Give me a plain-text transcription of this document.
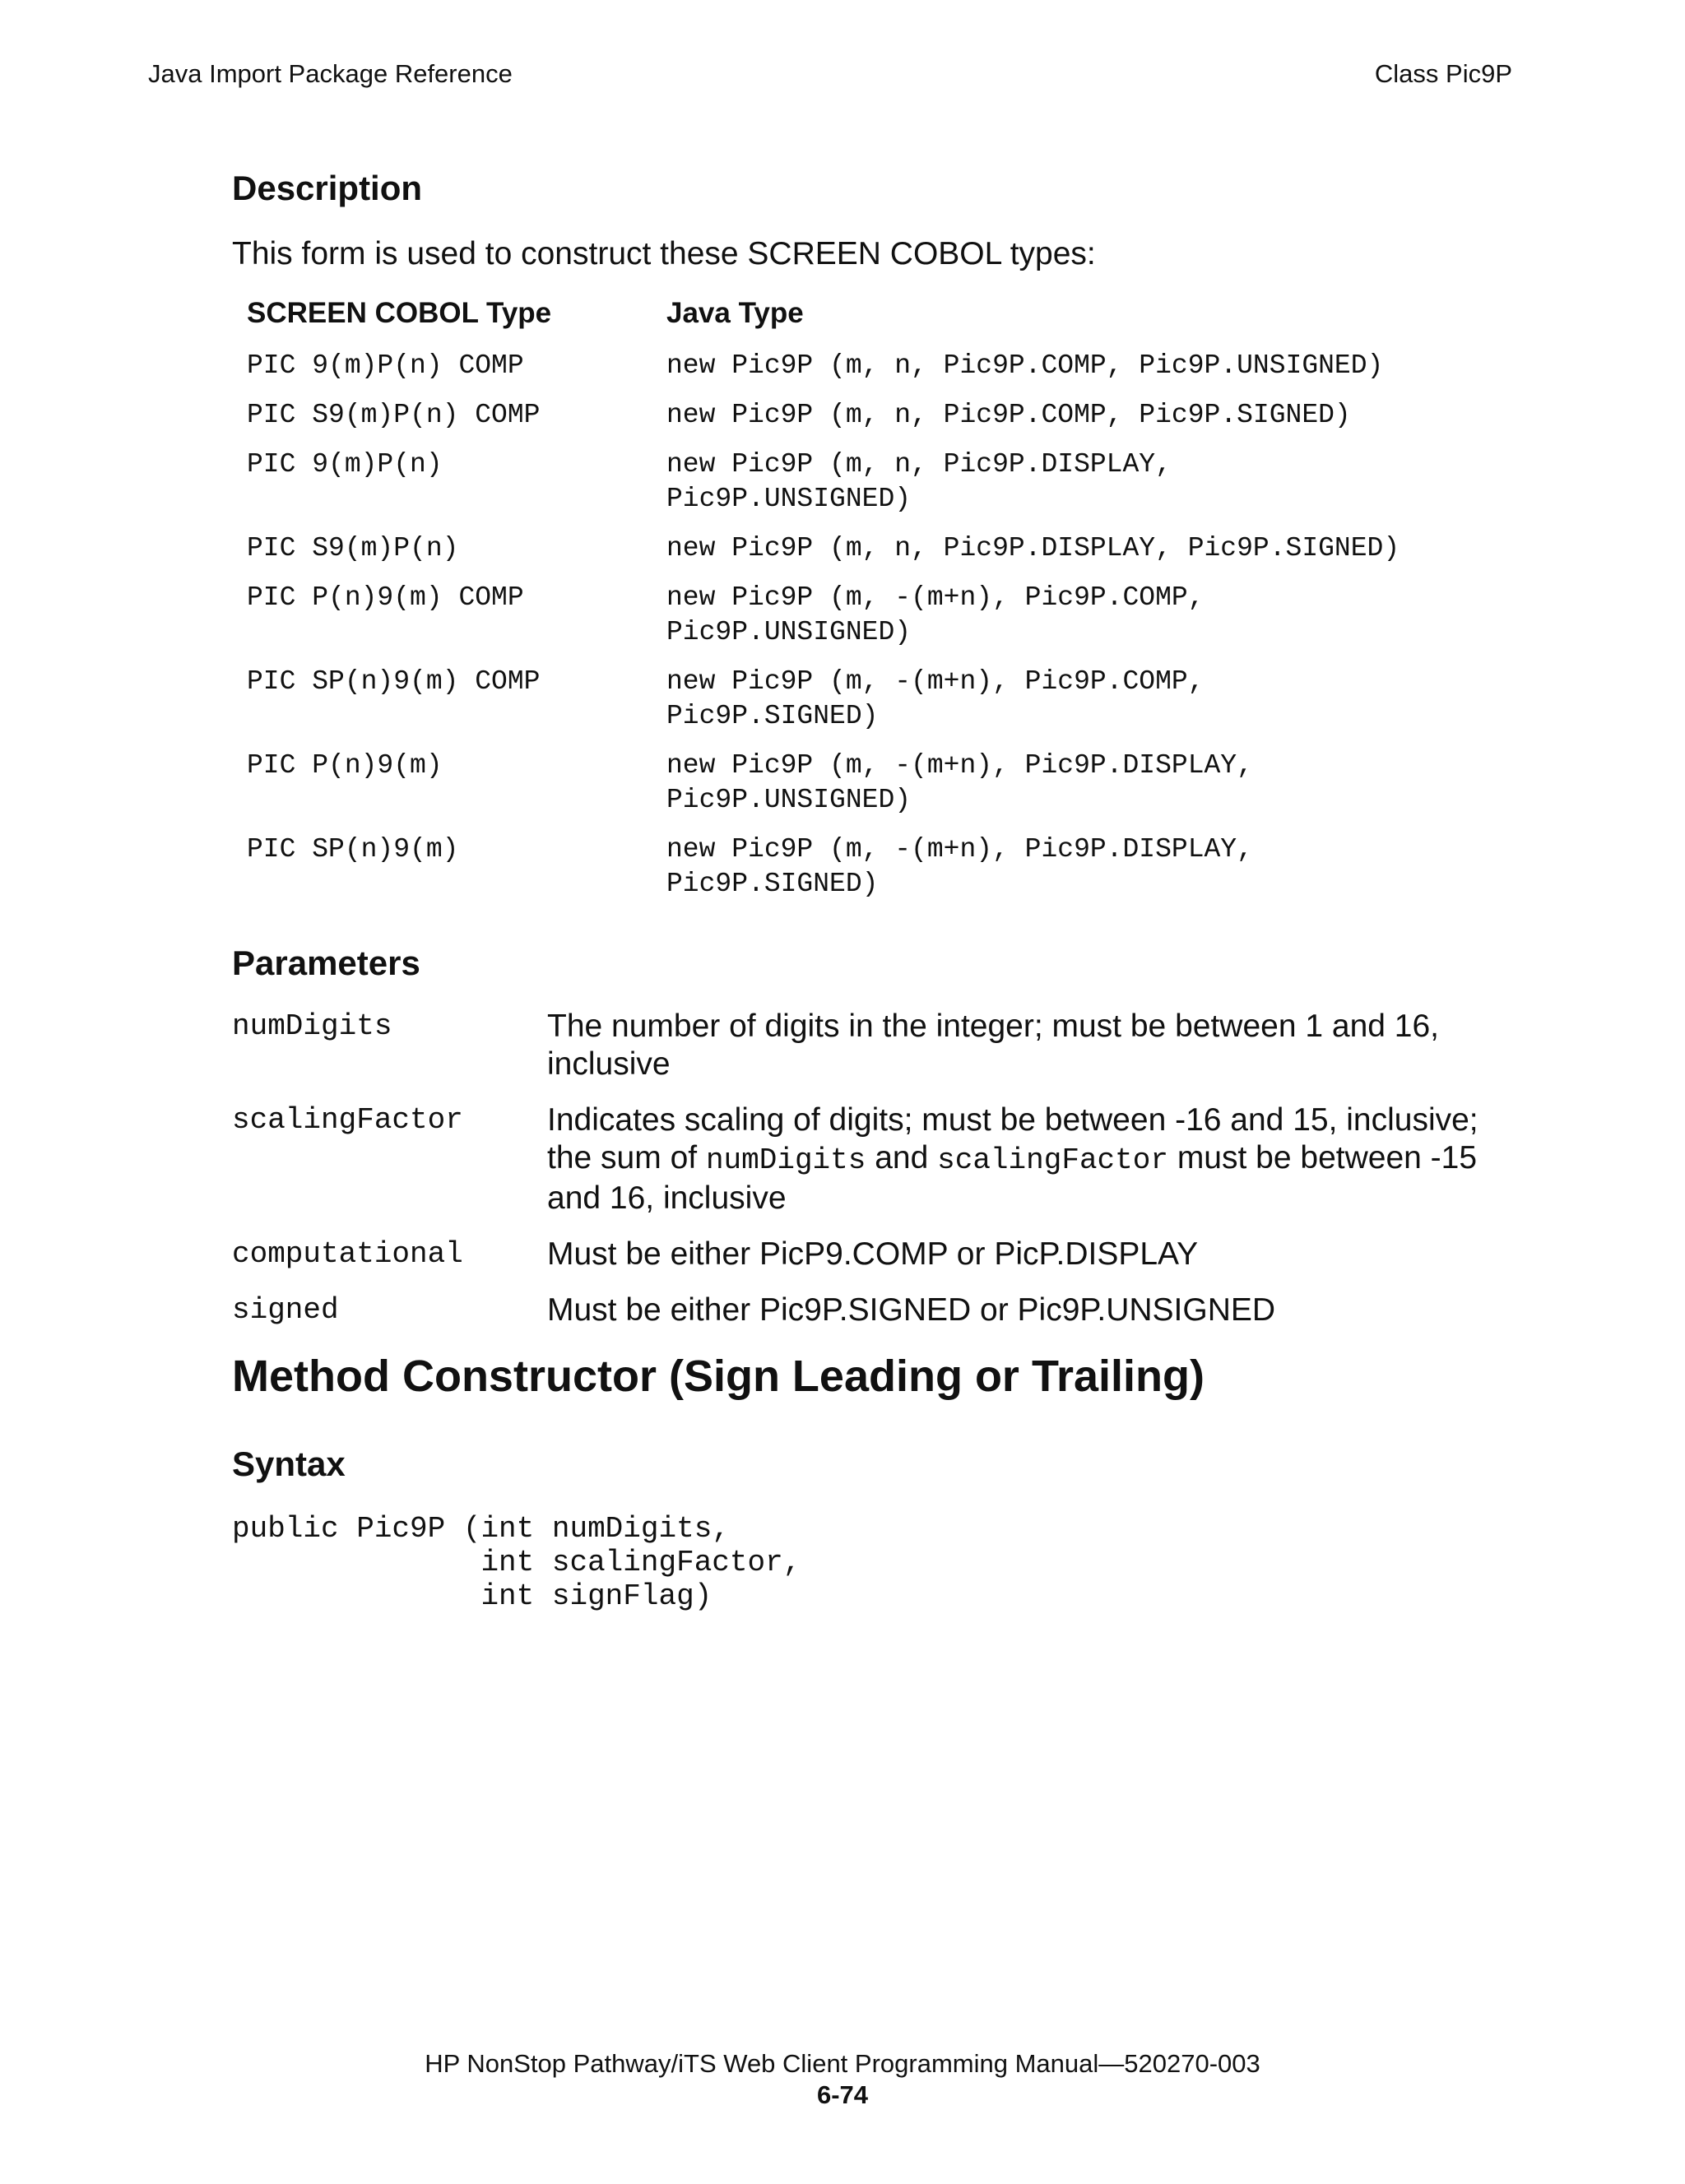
Java Import Package Reference	Class Pic9P
Description
This form is used to construct these SCREEN COBOL types:
SCREEN COBOL Type	Java Type
PIC 9(m)P(n) COMP	new Pic9P (m, n, Pic9P.COMP, Pic9P.UNSIGNED)
PIC S9(m)P(n) COMP	new Pic9P (m, n, Pic9P.COMP, Pic9P.SIGNED)
PIC 9(m)P(n)	new Pic9P (m, n, Pic9P.DISPLAY,
Pic9P.UNSIGNED)
PIC S9(m)P(n)	new Pic9P (m, n, Pic9P.DISPLAY, Pic9P.SIGNED)
PIC P(n)9(m) COMP	new Pic9P (m, -(m+n), Pic9P.COMP,
Pic9P.UNSIGNED)
PIC SP(n)9(m) COMP	new Pic9P (m, -(m+n), Pic9P.COMP,
Pic9P.SIGNED)
PIC P(n)9(m)	new Pic9P (m, -(m+n), Pic9P.DISPLAY,
Pic9P.UNSIGNED)
PIC SP(n)9(m)	new Pic9P (m, -(m+n), Pic9P.DISPLAY,
Pic9P.SIGNED)
Parameters
numDigits	The number of digits in the integer; must be between 1 and 16, inclusive
scalingFactor	Indicates scaling of digits; must be between -16 and 15, inclusive; the sum of numDigits and scalingFactor must be between -15 and 16, inclusive
computational	Must be either PicP9.COMP or PicP.DISPLAY
signed	Must be either Pic9P.SIGNED or Pic9P.UNSIGNED
Method Constructor (Sign Leading or Trailing)
Syntax
public Pic9P (int numDigits,
int scalingFactor,
int signFlag)
HP NonStop Pathway/iTS Web Client Programming Manual—520270-003
6-74
